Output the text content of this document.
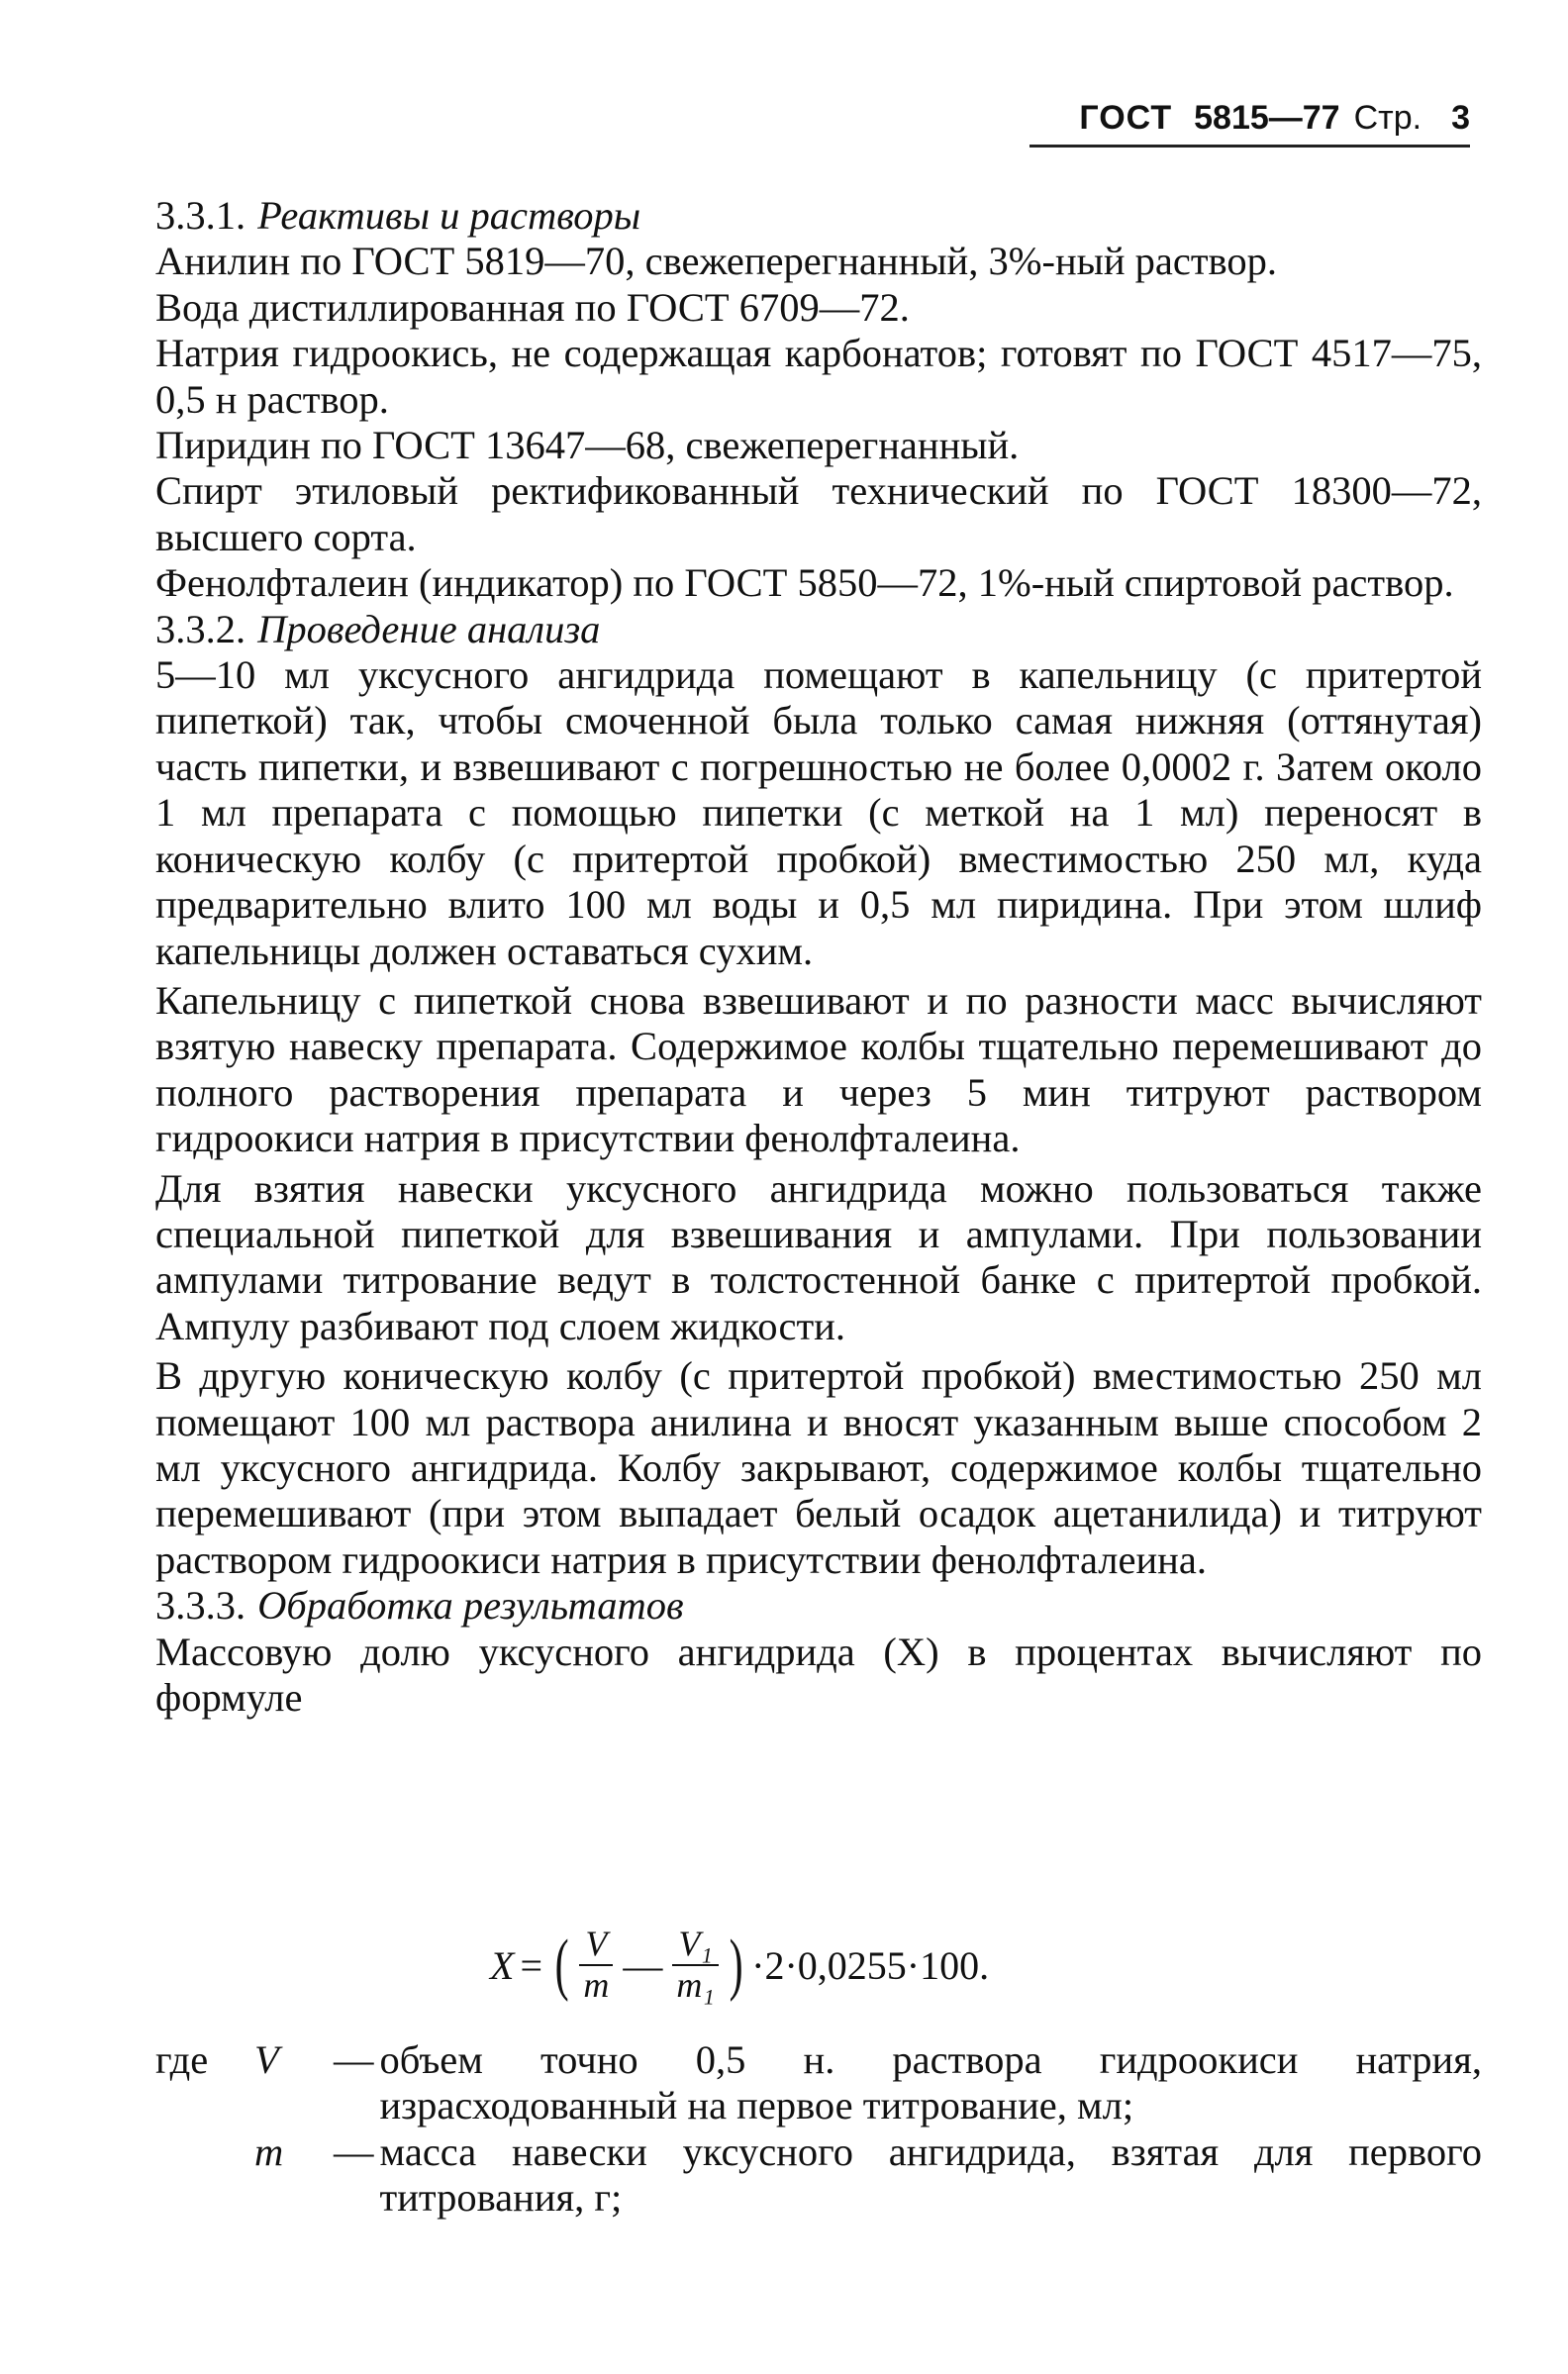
ГОСТ 5815—77 Стр. 3

3.3.1. Реактивы и растворы

Анилин по ГОСТ 5819—70, свежеперегнанный, 3%-ный раствор.

Вода дистиллированная по ГОСТ 6709—72.

Натрия гидроокись, не содержащая карбонатов; готовят по ГОСТ 4517—75, 0,5 н раствор.

Пиридин по ГОСТ 13647—68, свежеперегнанный.

Спирт этиловый ректификованный технический по ГОСТ 18300—72, высшего сорта.

Фенолфталеин (индикатор) по ГОСТ 5850—72, 1%-ный спиртовой раствор.

3.3.2. Проведение анализа

5—10 мл уксусного ангидрида помещают в капельницу (с притертой пипеткой) так, чтобы смоченной была только самая нижняя (оттянутая) часть пипетки, и взвешивают с погрешностью не более 0,0002 г. Затем около 1 мл препарата с помощью пипетки (с меткой на 1 мл) переносят в коническую колбу (с притертой пробкой) вместимостью 250 мл, куда предварительно влито 100 мл воды и 0,5 мл пиридина. При этом шлиф капельницы должен оставаться сухим.

Капельницу с пипеткой снова взвешивают и по разности масс вычисляют взятую навеску препарата. Содержимое колбы тщательно перемешивают до полного растворения препарата и через 5 мин титруют раствором гидроокиси натрия в присутствии фенолфталеина.

Для взятия навески уксусного ангидрида можно пользоваться также специальной пипеткой для взвешивания и ампулами. При пользовании ампулами титрование ведут в толстостенной банке с притертой пробкой. Ампулу разбивают под слоем жидкости.

В другую коническую колбу (с притертой пробкой) вместимостью 250 мл помещают 100 мл раствора анилина и вносят указанным выше способом 2 мл уксусного ангидрида. Колбу закрывают, содержимое колбы тщательно перемешивают (при этом выпадает белый осадок ацетанилида) и титруют раствором гидроокиси натрия в присутствии фенолфталеина.

3.3.3. Обработка результатов

Массовую долю уксусного ангидрида (X) в процентах вычисляют по формуле

X = ( $\frac{V}{m}$ — $\frac{\text{V₁}}{\text{m₁}}$ ) ·2·0,0255·100.
где	V	— объем точно 0,5 н. раствора гидроокиси натрия, израсходованный на первое титрование, мл;
m	— масса навески уксусного ангидрида, взятая для первого титрования, г;
